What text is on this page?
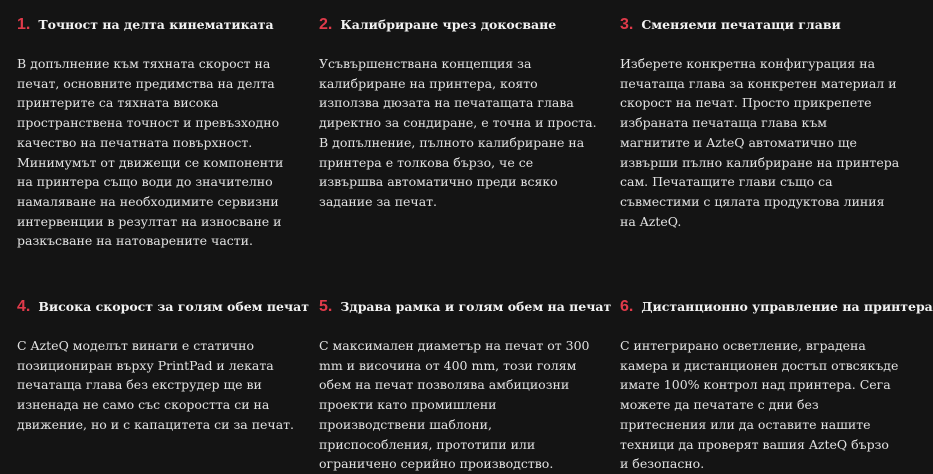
1. Точност на делта кинематиката
В допълнение към тяхната скорост на печат, основните предимства на делта принтерите са тяхната висока пространствена точност и превъзходно качество на печатната повърхност. Минимумът от движещи се компоненти на принтера също води до значително намаляване на необходимите сервизни интервенции в резултат на износване и разкъсване на натоварените части.
2. Калибриране чрез докосване
Усъвършенствана концепция за калибриране на принтера, която използва дюзата на печатащата глава директно за сондиране, е точна и проста. В допълнение, пълното калибриране на принтера е толкова бързо, че се извършва автоматично преди всяко задание за печат.
3. Сменяеми печатащи глави
Изберете конкретна конфигурация на печатаща глава за конкретен материал и скорост на печат. Просто прикрепете избраната печатаща глава към магнитите и AzteQ автоматично ще извърши пълно калибриране на принтера сам. Печатащите глави също са съвместими с цялата продуктова линия на AzteQ.
4. Висока скорост за голям обем печат
С AzteQ моделът винаги е статично позициониран върху PrintPad и леката печатаща глава без екструдер ще ви изненада не само със скоростта си на движение, но и с капацитета си за печат.
5. Здрава рамка и голям обем на печат
С максимален диаметър на печат от 300 mm и височина от 400 mm, този голям обем на печат позволява амбициозни проекти като промишлени производствени шаблони, приспособления, прототипи или ограничено серийно производство.
6. Дистанционно управление на принтера
С интегрирано осветление, вградена камера и дистанционен достъп отвсякъде имате 100% контрол над принтера. Сега можете да печатате с дни без притеснения или да оставите нашите техници да проверят вашия AzteQ бързо и безопасно.
